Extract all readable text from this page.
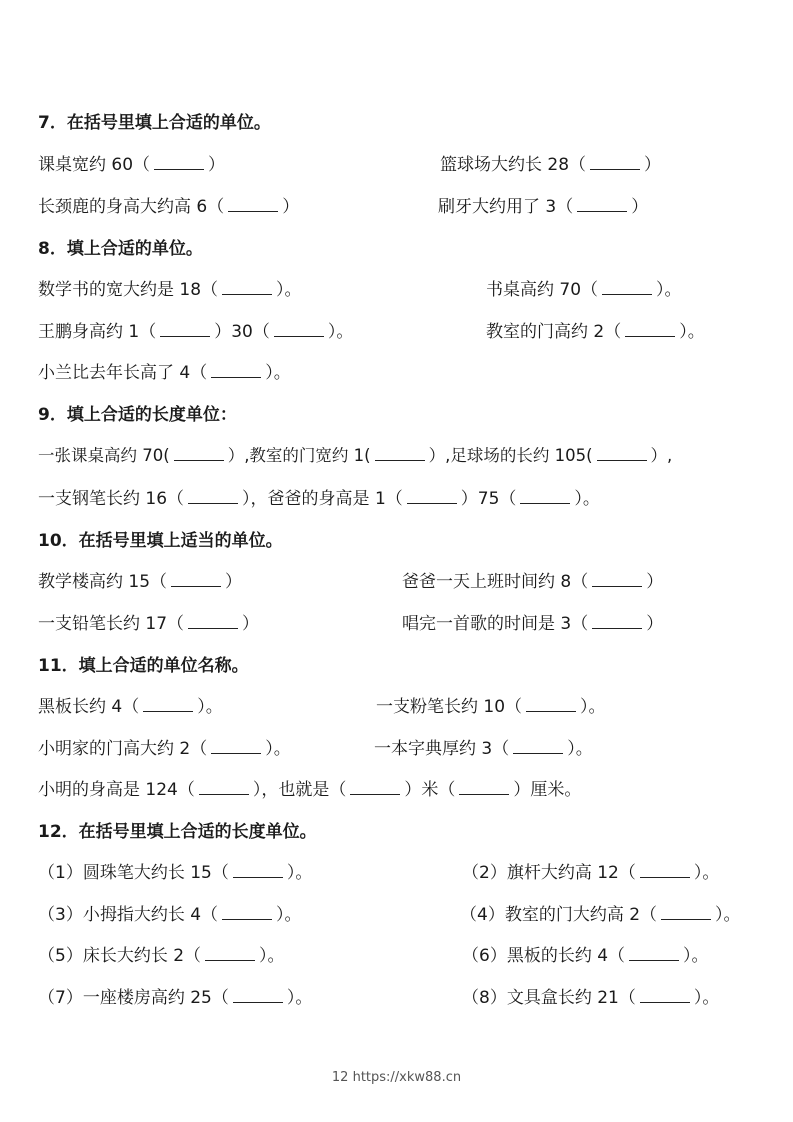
7．在括号里填上合适的单位。
课桌宽约 60（	）	篮球场大约长 28（	）
长颈鹿的身高大约高 6（	）	刷牙大约用了 3（	）
8．填上合适的单位。
数学书的宽大约是 18（	）。	书桌高约 70（	）。
王鹏身高约 1（	）30（	）。	教室的门高约 2（	）。
小兰比去年长高了 4（	）。
9．填上合适的长度单位：
一张课桌高约 70(	）,教室的门宽约 1(	）,足球场的长约 105(	）,
一支钢笔长约 16（	），爸爸的身高是 1（	）75（	）。
10．在括号里填上适当的单位。
教学楼高约 15（	）	爸爸一天上班时间约 8（	）
一支铅笔长约 17（	）	唱完一首歌的时间是 3（	）
11．填上合适的单位名称。
黑板长约 4（	）。	一支粉笔长约 10（	）。
小明家的门高大约 2（	）。	一本字典厚约 3（	）。
小明的身高是 124（	），也就是（	）米（	）厘米。
12．在括号里填上合适的长度单位。
（1）圆珠笔大约长 15（	）。	（2）旗杆大约高 12（	）。
（3）小拇指大约长 4（	）。	（4）教室的门大约高 2（	）。
（5）床长大约长 2（	）。	（6）黑板的长约 4（	）。
（7）一座楼房高约 25（	）。	（8）文具盒长约 21（	）。
12 https://xkw88.cn
